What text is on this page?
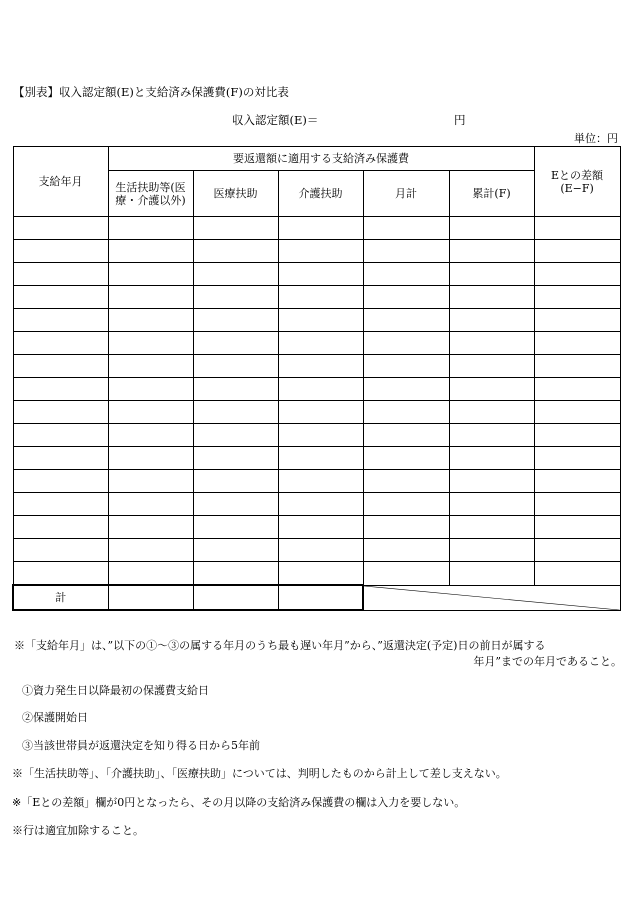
【別表】収入認定額(E)と支給済み保護費(F)の対比表
収入認定額(E)＝	円
単位：円
支給年月	要返還額に適用する支給済み保護費					Eとの差額(E−F)
	生活扶助等(医療・介護以外)	医療扶助	介護扶助	月計	累計(F)	

計				
※「支給年月」は、”以下の①～③の属する年月のうち最も遅い年月”から、”返還決定(予定)日の前日が属する
年月”までの年月であること。
①資力発生日以降最初の保護費支給日
②保護開始日
③当該世帯員が返還決定を知り得る日から5年前
※「生活扶助等」、「介護扶助」、「医療扶助」については、判明したものから計上して差し支えない。
※「Eとの差額」欄が0円となったら、その月以降の支給済み保護費の欄は入力を要しない。
※行は適宜加除すること。
